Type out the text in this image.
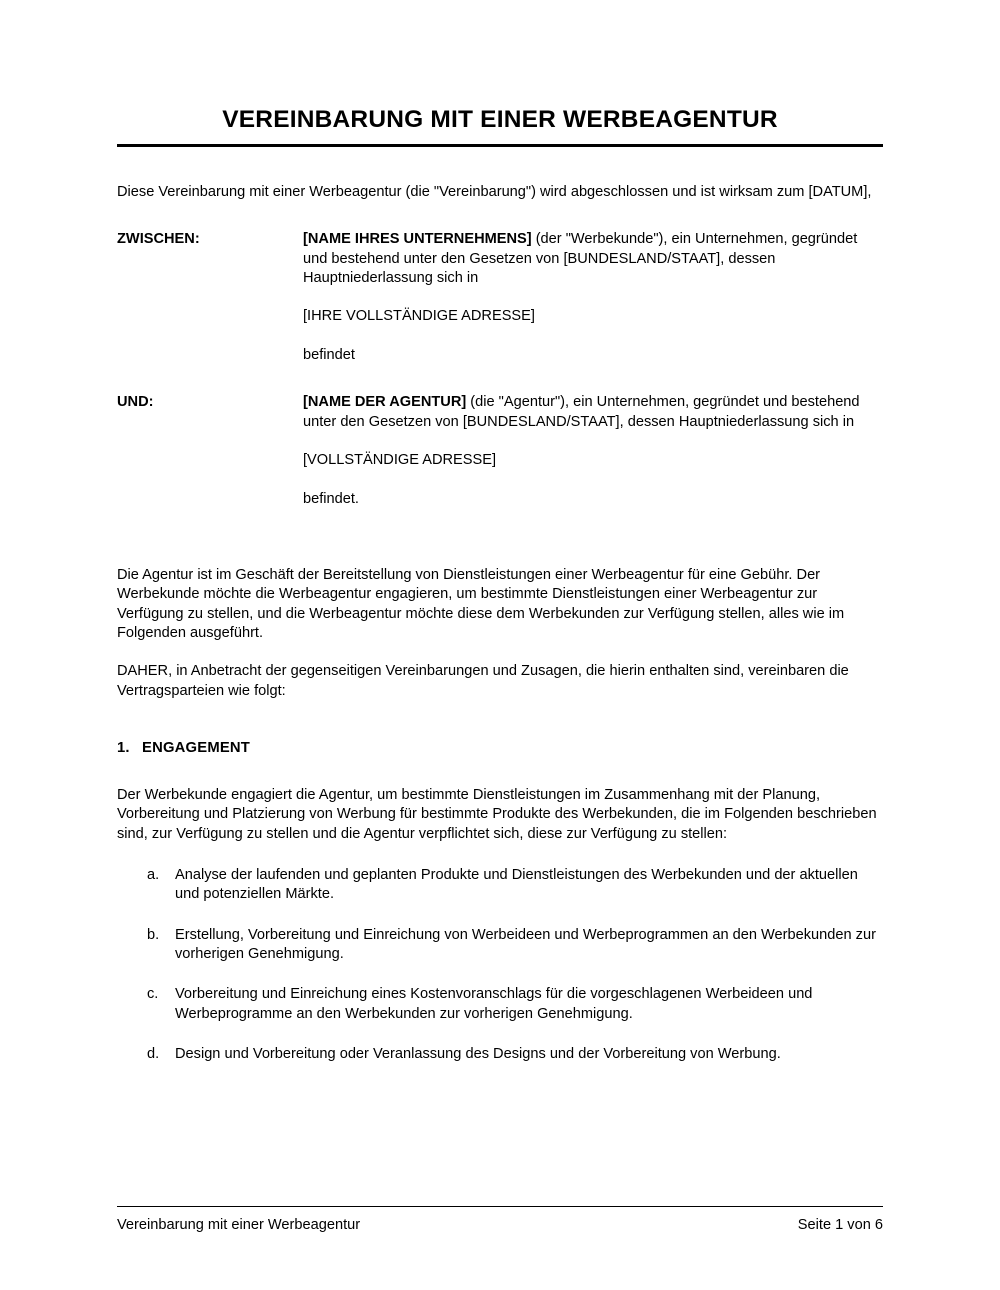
VEREINBARUNG MIT EINER WERBEAGENTUR

Diese Vereinbarung mit einer Werbeagentur (die "Vereinbarung") wird abgeschlossen und ist wirksam zum [DATUM],

ZWISCHEN:	[NAME IHRES UNTERNEHMENS] (der "Werbekunde"), ein Unternehmen, gegründet und bestehend unter den Gesetzen von [BUNDESLAND/STAAT], dessen Hauptniederlassung sich in

[IHRE VOLLSTÄNDIGE ADRESSE]

befindet

UND:	[NAME DER AGENTUR] (die "Agentur"), ein Unternehmen, gegründet und bestehend unter den Gesetzen von [BUNDESLAND/STAAT], dessen Hauptniederlassung sich in

[VOLLSTÄNDIGE ADRESSE]

befindet.

Die Agentur ist im Geschäft der Bereitstellung von Dienstleistungen einer Werbeagentur für eine Gebühr. Der Werbekunde möchte die Werbeagentur engagieren, um bestimmte Dienstleistungen einer Werbeagentur zur Verfügung zu stellen, und die Werbeagentur möchte diese dem Werbekunden zur Verfügung stellen, alles wie im Folgenden ausgeführt.

DAHER, in Anbetracht der gegenseitigen Vereinbarungen und Zusagen, die hierin enthalten sind, vereinbaren die Vertragsparteien wie folgt:

1. ENGAGEMENT

Der Werbekunde engagiert die Agentur, um bestimmte Dienstleistungen im Zusammenhang mit der Planung, Vorbereitung und Platzierung von Werbung für bestimmte Produkte des Werbekunden, die im Folgenden beschrieben sind, zur Verfügung zu stellen und die Agentur verpflichtet sich, diese zur Verfügung zu stellen:

a. Analyse der laufenden und geplanten Produkte und Dienstleistungen des Werbekunden und der aktuellen und potenziellen Märkte.
b. Erstellung, Vorbereitung und Einreichung von Werbeideen und Werbeprogrammen an den Werbekunden zur vorherigen Genehmigung.
c. Vorbereitung und Einreichung eines Kostenvoranschlags für die vorgeschlagenen Werbeideen und Werbeprogramme an den Werbekunden zur vorherigen Genehmigung.
d. Design und Vorbereitung oder Veranlassung des Designs und der Vorbereitung von Werbung.
Vereinbarung mit einer Werbeagentur	Seite 1 von 6
